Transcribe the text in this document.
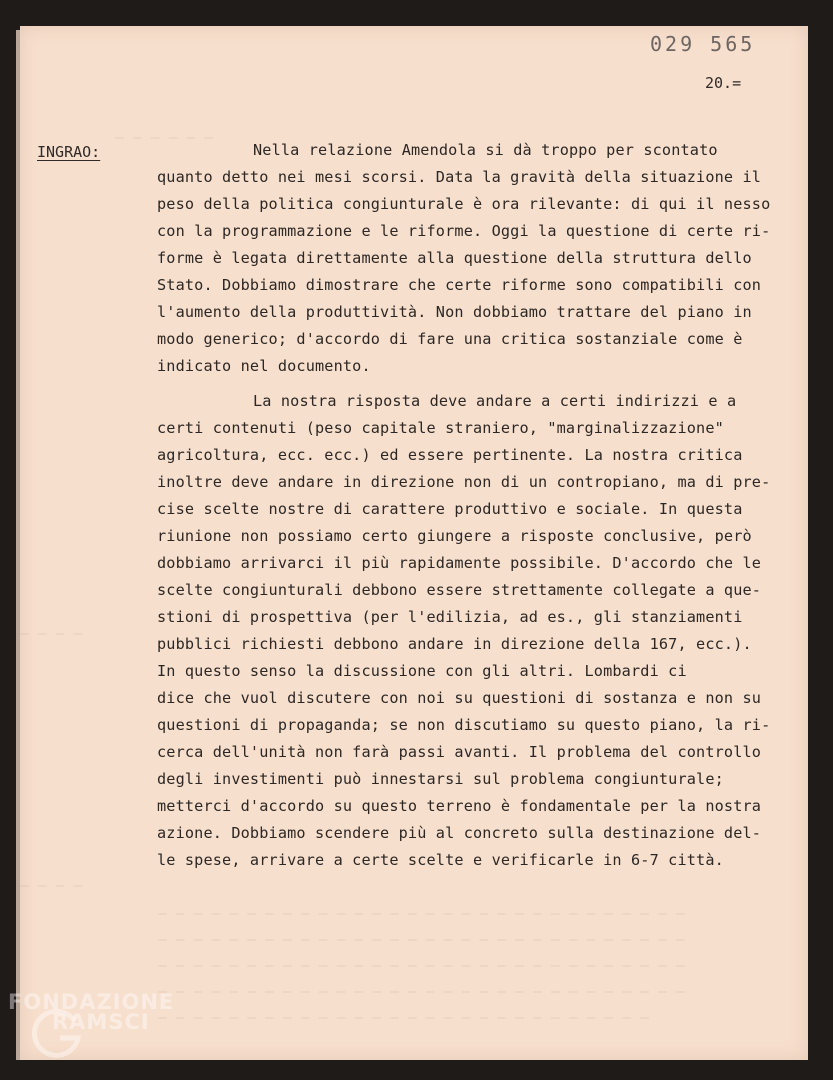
— — — — — —
— — — —
— — — —
— — — — — — — — — — — — — — — — — — — — — — — — — — — — — —
— — — — — — — — — — — — — — — — — — — — — — — — — — — — — —
— — — — — — — — — — — — — — — — — — — — — — — — — — — — — —
— — — — — — — — — — — — — — — — — — — — — — — — — — — — — —
— — — — — — — — — — — — — — — — — — — — — — — — — — — —
029 565
20.=
INGRAO:	Nella relazione Amendola si dà troppo per scontato
quanto detto nei mesi scorsi. Data la gravità della situazione il
peso della politica congiunturale è ora rilevante: di qui il nesso
con la programmazione e le riforme. Oggi la questione di certe ri-
forme è legata direttamente alla questione della struttura dello
Stato. Dobbiamo dimostrare che certe riforme sono compatibili con
l'aumento della produttività. Non dobbiamo trattare del piano in
modo generico; d'accordo di fare una critica sostanziale come è
indicato nel documento.
La nostra risposta deve andare a certi indirizzi e a
certi contenuti (peso capitale straniero, "marginalizzazione"
agricoltura, ecc. ecc.) ed essere pertinente. La nostra critica
inoltre deve andare in direzione non di un contropiano, ma di pre-
cise scelte nostre di carattere produttivo e sociale. In questa
riunione non possiamo certo giungere a risposte conclusive, però
dobbiamo arrivarci il più rapidamente possibile. D'accordo che le
scelte congiunturali debbono essere strettamente collegate a que-
stioni di prospettiva (per l'edilizia, ad es., gli stanziamenti
pubblici richiesti debbono andare in direzione della 167, ecc.).
In questo senso la discussione con gli altri. Lombardi ci
dice che vuol discutere con noi su questioni di sostanza e non su
questioni di propaganda; se non discutiamo su questo piano, la ri-
cerca dell'unità non farà passi avanti. Il problema del controllo
degli investimenti può innestarsi sul problema congiunturale;
metterci d'accordo su questo terreno è fondamentale per la nostra
azione. Dobbiamo scendere più al concreto sulla destinazione del-
le spese, arrivare a certe scelte e verificarle in 6-7 città.
FONDAZIONE
RAMSCI
